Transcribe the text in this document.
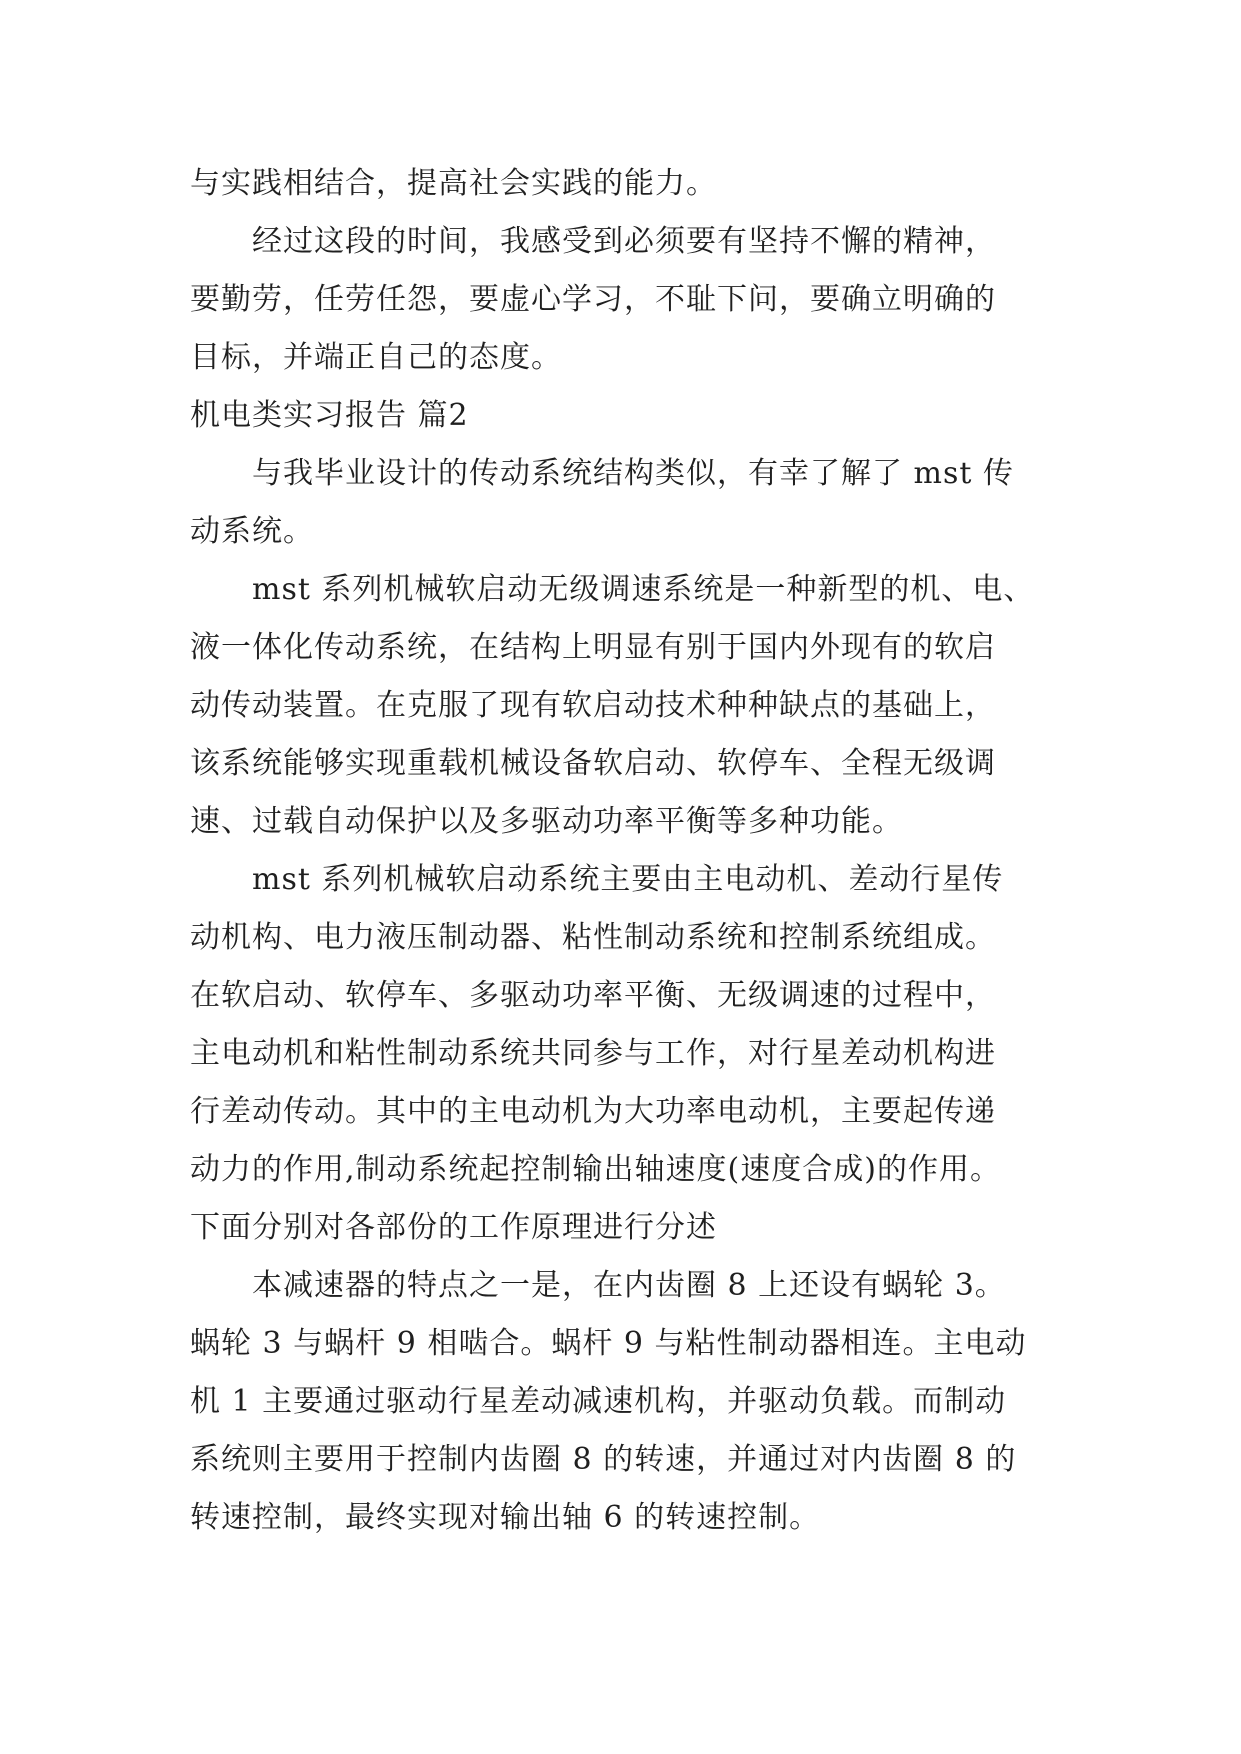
与实践相结合，提高社会实践的能力。
经过这段的时间，我感受到必须要有坚持不懈的精神，
要勤劳，任劳任怨，要虚心学习，不耻下问，要确立明确的
目标，并端正自己的态度。
机电类实习报告 篇2
与我毕业设计的传动系统结构类似，有幸了解了 mst 传
动系统。
mst 系列机械软启动无级调速系统是一种新型的机、电、
液一体化传动系统，在结构上明显有别于国内外现有的软启
动传动装置。在克服了现有软启动技术种种缺点的基础上，
该系统能够实现重载机械设备软启动、软停车、全程无级调
速、过载自动保护以及多驱动功率平衡等多种功能。
mst 系列机械软启动系统主要由主电动机、差动行星传
动机构、电力液压制动器、粘性制动系统和控制系统组成。
在软启动、软停车、多驱动功率平衡、无级调速的过程中，
主电动机和粘性制动系统共同参与工作，对行星差动机构进
行差动传动。其中的主电动机为大功率电动机，主要起传递
动力的作用,制动系统起控制输出轴速度(速度合成)的作用。
下面分别对各部份的工作原理进行分述
本减速器的特点之一是，在内齿圈 8 上还设有蜗轮 3。
蜗轮 3 与蜗杆 9 相啮合。蜗杆 9 与粘性制动器相连。主电动
机 1 主要通过驱动行星差动减速机构，并驱动负载。而制动
系统则主要用于控制内齿圈 8 的转速，并通过对内齿圈 8 的
转速控制，最终实现对输出轴 6 的转速控制。
